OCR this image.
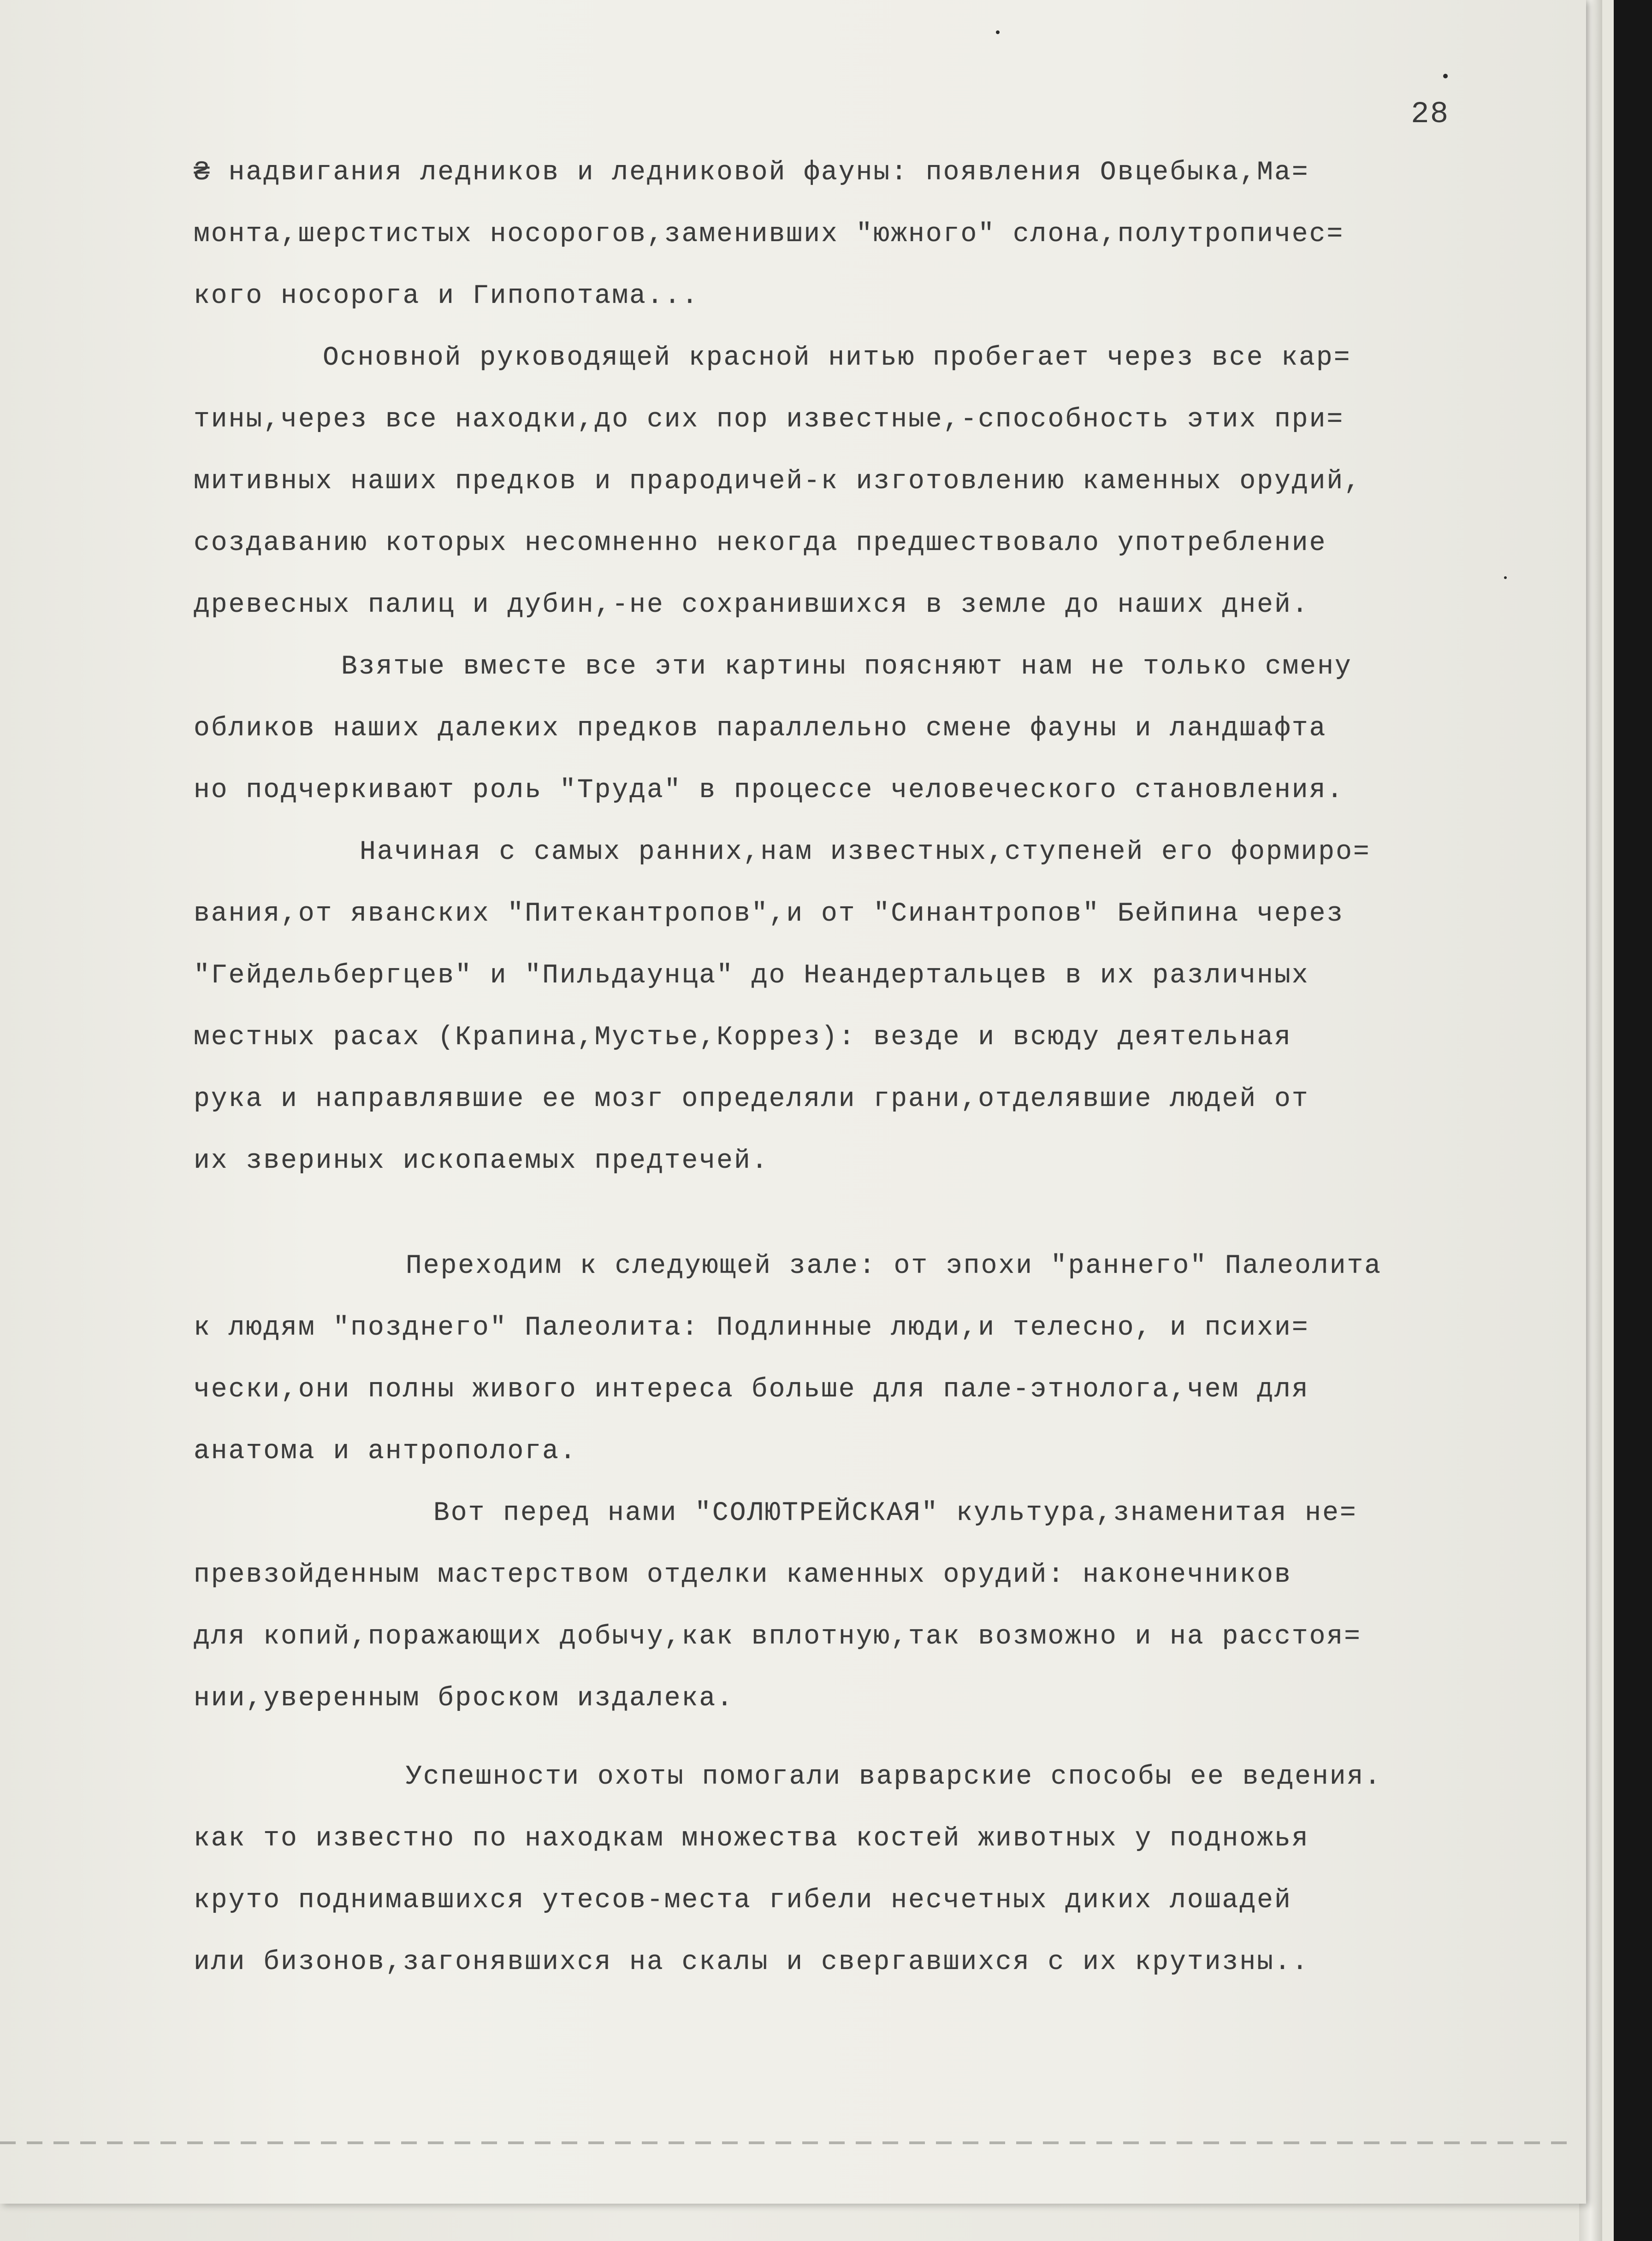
28
₴ надвигания ледников и ледниковой фауны: появления Овцебыка,Ма=
монта,шерстистых носорогов,заменивших "южного" слона,полутропичес=
кого носорога и Гипопотама...
Основной руководящей красной нитью пробегает через все кар=
тины,через все находки,до сих пор известные,-способность этих при=
митивных наших предков и прародичей-к изготовлению каменных орудий,
создаванию которых несомненно некогда предшествовало употребление
древесных палиц и дубин,-не сохранившихся в земле до наших дней.
Взятые вместе все эти картины поясняют нам не только смену
обликов наших далеких предков параллельно смене фауны и ландшафта
но подчеркивают роль "Труда" в процессе человеческого становления.
Начиная с самых ранних,нам известных,ступеней его формиро=
вания,от яванских "Питекантропов",и от "Синантропов" Бейпина через
"Гейдельбергцев" и "Пильдаунца" до Неандертальцев в их различных
местных расах (Крапина,Мустье,Коррез): везде и всюду деятельная
рука и направлявшие ее мозг определяли грани,отделявшие людей от
их звериных ископаемых предтечей.
Переходим к следующей зале: от эпохи "раннего" Палеолита
к людям "позднего" Палеолита: Подлинные люди,и телесно, и психи=
чески,они полны живого интереса больше для пале-этнолога,чем для
анатома и антрополога.
Вот перед нами "СОЛЮТРЕЙСКАЯ" культура,знаменитая не=
превзойденным мастерством отделки каменных орудий: наконечников
для копий,поражающих добычу,как вплотную,так возможно и на расстоя=
нии,уверенным броском издалека.
Успешности охоты помогали варварские способы ее ведения.
как то известно по находкам множества костей животных у подножья
круто поднимавшихся утесов-места гибели несчетных диких лошадей
или бизонов,загонявшихся на скалы и свергавшихся с их крутизны..
